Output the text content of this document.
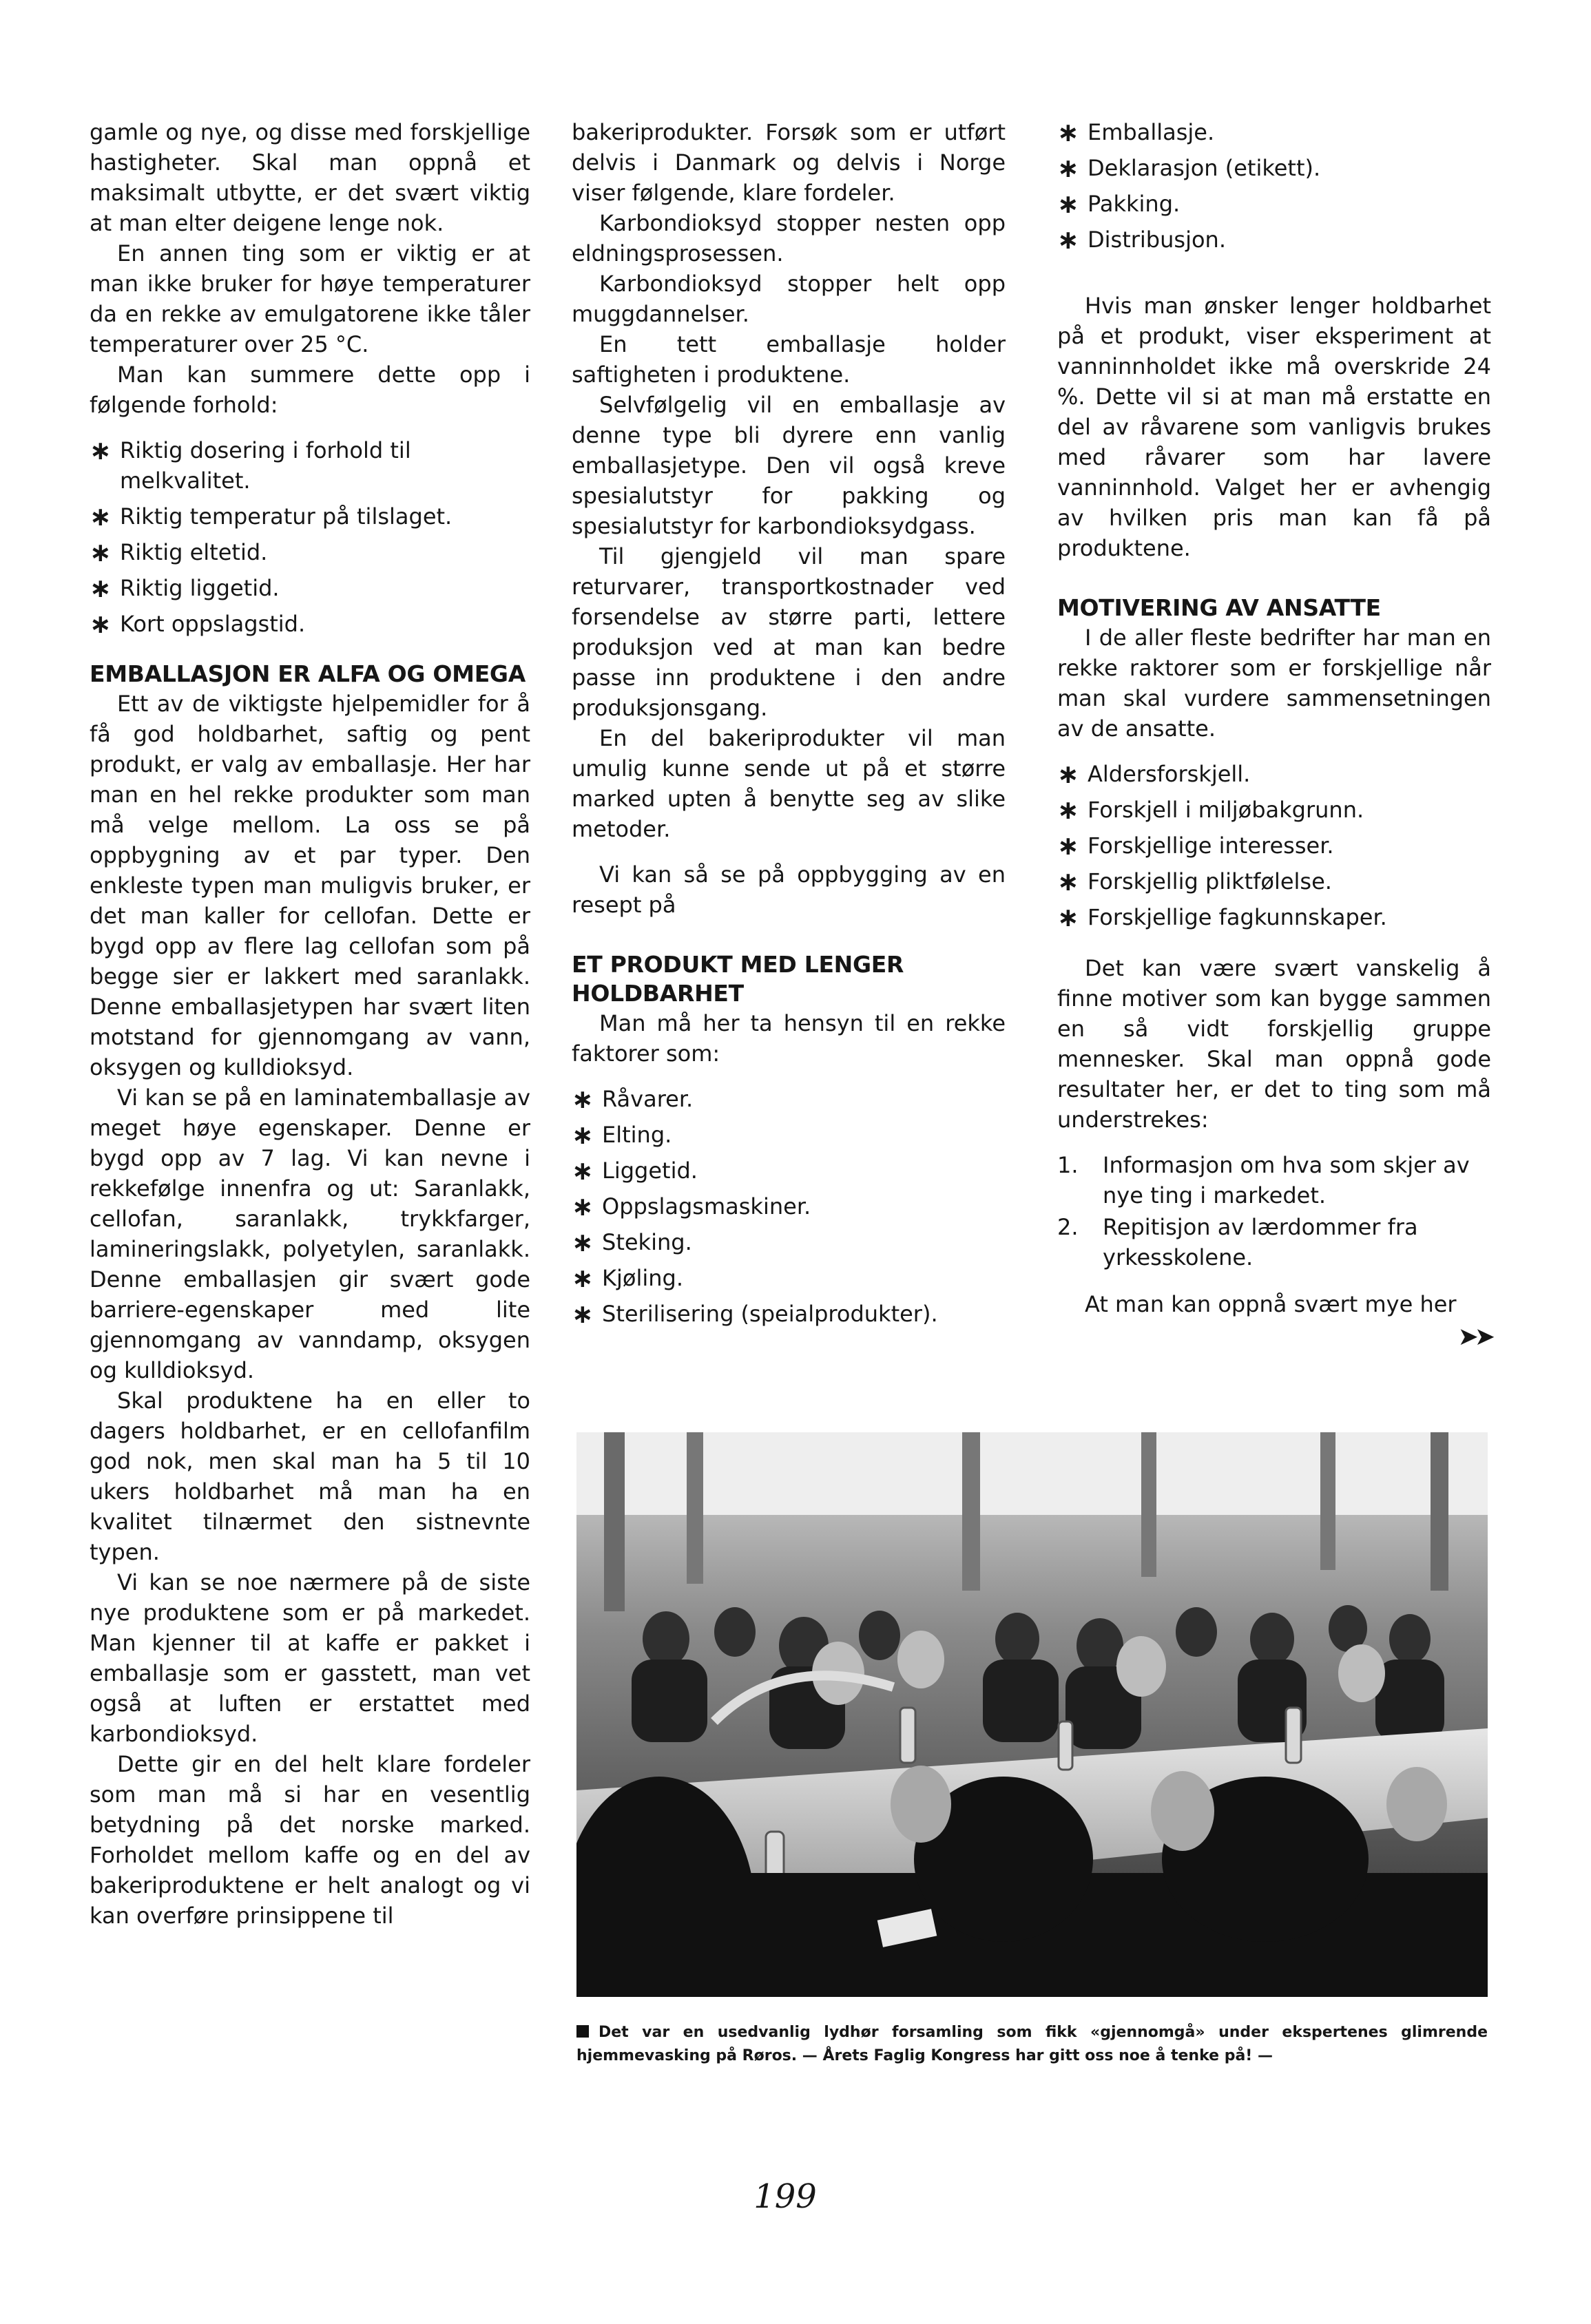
gamle og nye, og disse med forskjellige hastigheter. Skal man oppnå et maksimalt utbytte, er det svært viktig at man elter deigene lenge nok.

En annen ting som er viktig er at man ikke bruker for høye temperaturer da en rekke av emulgatorene ikke tåler temperaturer over 25 °C.

Man kan summere dette opp i følgende forhold:

∗ Riktig dosering i forhold til melkvalitet.
∗ Riktig temperatur på tilslaget.
∗ Riktig eltetid.
∗ Riktig liggetid.
∗ Kort oppslagstid.
EMBALLASJON ER ALFA OG OMEGA

Ett av de viktigste hjelpemidler for å få god holdbarhet, saftig og pent produkt, er valg av emballasje. Her har man en hel rekke produkter som man må velge mellom. La oss se på oppbygning av et par typer. Den enkleste typen man muligvis bruker, er det man kaller for cellofan. Dette er bygd opp av flere lag cellofan som på begge sier er lakkert med saranlakk. Denne emballasjetypen har svært liten motstand for gjennomgang av vann, oksygen og kulldioksyd.

Vi kan se på en laminatemballasje av meget høye egenskaper. Denne er bygd opp av 7 lag. Vi kan nevne i rekkefølge innenfra og ut: Saranlakk, cellofan, saranlakk, trykkfarger, lamineringslakk, polyetylen, saranlakk. Denne emballasjen gir svært gode barriere-egenskaper med lite gjennomgang av vanndamp, oksygen og kulldioksyd.

Skal produktene ha en eller to dagers holdbarhet, er en cellofanfilm god nok, men skal man ha 5 til 10 ukers holdbarhet må man ha en kvalitet tilnærmet den sistnevnte typen.

Vi kan se noe nærmere på de siste nye produktene som er på markedet. Man kjenner til at kaffe er pakket i emballasje som er gasstett, man vet også at luften er erstattet med karbondioksyd.

Dette gir en del helt klare fordeler som man må si har en vesentlig betydning på det norske marked. Forholdet mellom kaffe og en del av bakeriproduktene er helt analogt og vi kan overføre prinsippene til

bakeriprodukter. Forsøk som er utført delvis i Danmark og delvis i Norge viser følgende, klare fordeler.

Karbondioksyd stopper nesten opp eldningsprosessen.

Karbondioksyd stopper helt opp muggdannelser.

En tett emballasje holder saftigheten i produktene.

Selvfølgelig vil en emballasje av denne type bli dyrere enn vanlig emballasjetype. Den vil også kreve spesialutstyr for pakking og spesialutstyr for karbondioksydgass.

Til gjengjeld vil man spare returvarer, transportkostnader ved forsendelse av større parti, lettere produksjon ved at man kan bedre passe inn produktene i den andre produksjonsgang.

En del bakeriprodukter vil man umulig kunne sende ut på et større marked upten å benytte seg av slike metoder.

Vi kan så se på oppbygging av en resept på

ET PRODUKT MED LENGER HOLDBARHET

Man må her ta hensyn til en rekke faktorer som:

∗ Råvarer.
∗ Elting.
∗ Liggetid.
∗ Oppslagsmaskiner.
∗ Steking.
∗ Kjøling.
∗ Sterilisering (speialprodukter).
∗ Emballasje.
∗ Deklarasjon (etikett).
∗ Pakking.
∗ Distribusjon.

Hvis man ønsker lenger holdbarhet på et produkt, viser eksperiment at vanninnholdet ikke må overskride 24 %. Dette vil si at man må erstatte en del av råvarene som vanligvis brukes med råvarer som har lavere vanninnhold. Valget her er avhengig av hvilken pris man kan få på produktene.

MOTIVERING AV ANSATTE

I de aller fleste bedrifter har man en rekke raktorer som er forskjellige når man skal vurdere sammensetningen av de ansatte.

∗ Aldersforskjell.
∗ Forskjell i miljøbakgrunn.
∗ Forskjellige interesser.
∗ Forskjellig pliktfølelse.
∗ Forskjellige fagkunnskaper.

Det kan være svært vanskelig å finne motiver som kan bygge sammen en så vidt forskjellig gruppe mennesker. Skal man oppnå gode resultater her, er det to ting som må understrekes:

1. Informasjon om hva som skjer av nye ting i markedet.
2. Repitisjon av lærdommer fra yrkesskolene.

At man kan oppnå svært mye her

➤➤
Det var en usedvanlig lydhør forsamling som fikk «gjennomgå» under ekspertenes glimrende hjemmevasking på Røros. — Årets Faglig Kongress har gitt oss noe å tenke på! —
199
